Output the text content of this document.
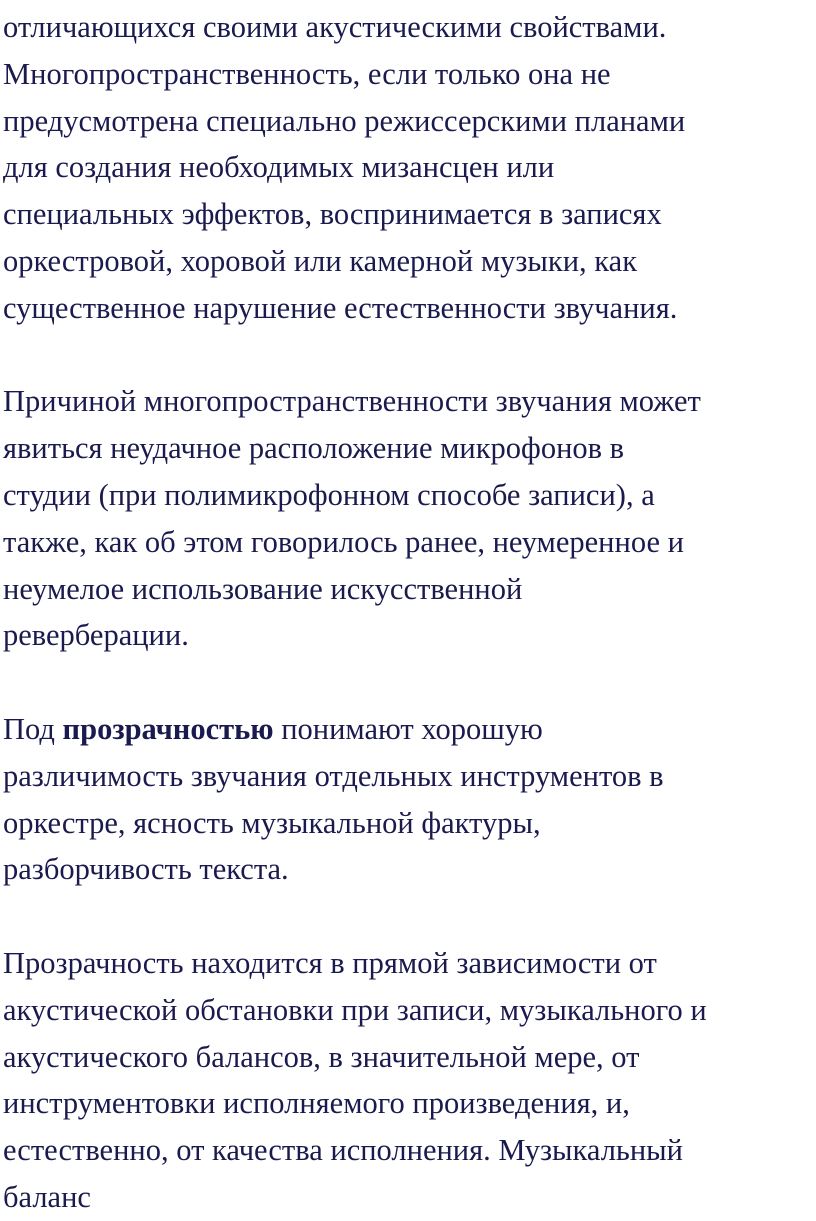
отличающихся своими акустическими свойствами.
Многопространственность, если только она не
предусмотрена специально режиссерскими планами
для создания необходимых мизансцен или
специальных эффектов, воспринимается в записях
оркестровой, хоровой или камерной музыки, как
существенное нарушение естественности звучания.

Причиной многопространственности звучания может
явиться неудачное расположение микрофонов в
студии (при полимикрофонном способе записи), а
также, как об этом говорилось ранее, неумеренное и
неумелое использование искусственной
реверберации.

Под прозрачностью понимают хорошую
различимость звучания отдельных инструментов в
оркестре, ясность музыкальной фактуры,
разборчивость текста.

Прозрачность находится в прямой зависимости от
акустической обстановки при записи, музыкального и
акустического балансов, в значительной мере, от
инструментовки исполняемого произведения, и,
естественно, от качества исполнения. Музыкальный
баланс
